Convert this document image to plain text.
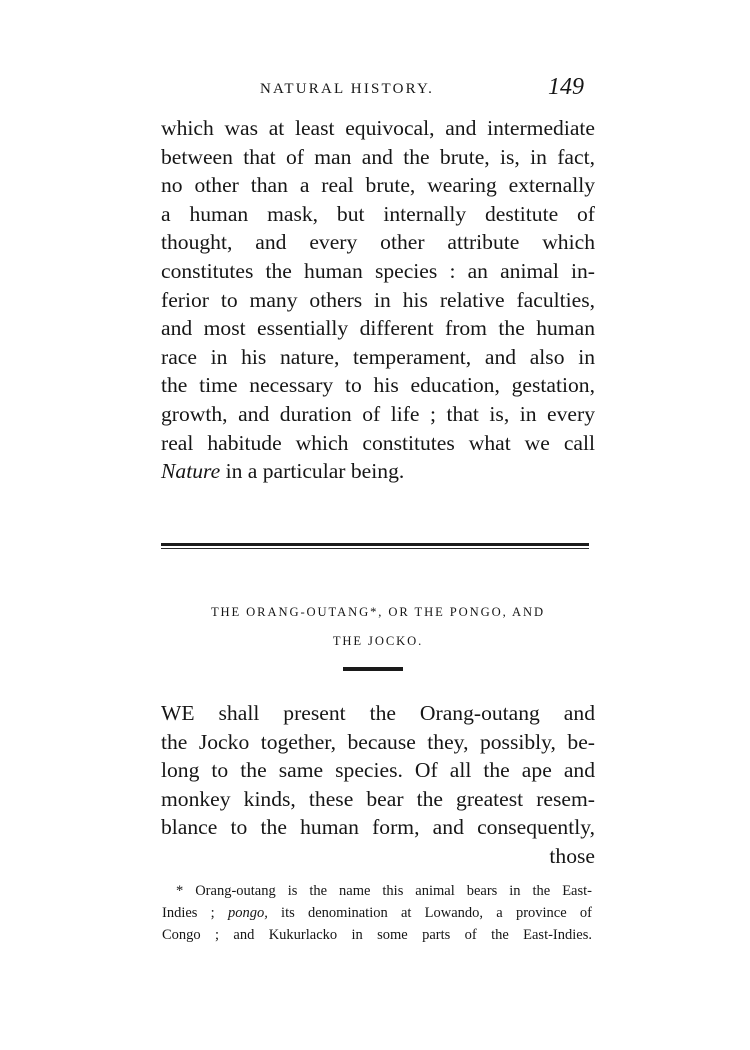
NATURAL HISTORY.	149
which was at least equivocal, and intermediate
between that of man and the brute, is, in fact,
no other than a real brute, wearing externally
a human mask, but internally destitute of
thought, and every other attribute which
constitutes the human species : an animal in-
ferior to many others in his relative faculties,
and most essentially different from the human
race in his nature, temperament, and also in
the time necessary to his education, gestation,
growth, and duration of life ; that is, in every
real habitude which constitutes what we call
Nature in a particular being.
THE ORANG-OUTANG*, OR THE PONGO, AND
THE JOCKO.
WE shall present the Orang-outang and
the Jocko together, because they, possibly, be-
long to the same species. Of all the ape and
monkey kinds, these bear the greatest resem-
blance to the human form, and consequently,
those
* Orang-outang is the name this animal bears in the East-
Indies ; pongo, its denomination at Lowando, a province of
Congo ; and Kukurlacko in some parts of the East-Indies.
